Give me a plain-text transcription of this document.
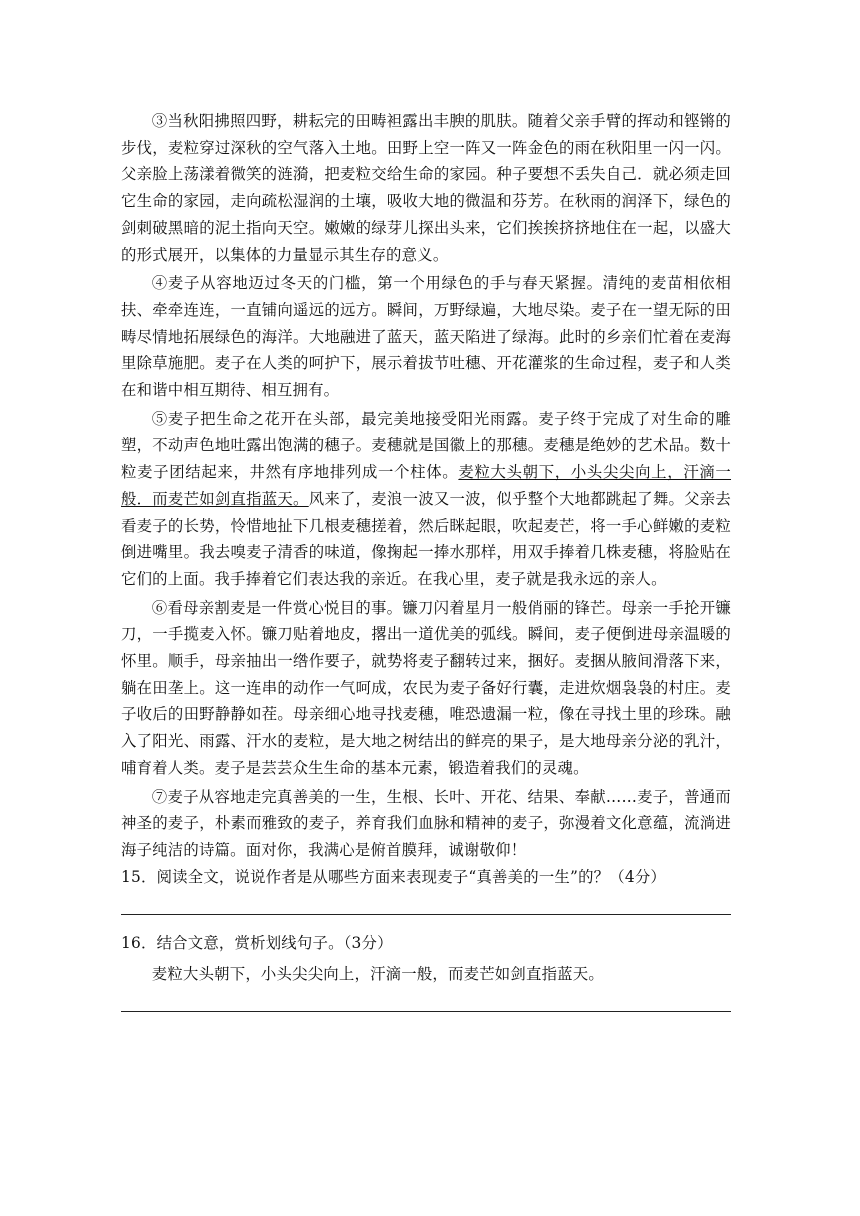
③当秋阳拂照四野，耕耘完的田畴袒露出丰腴的肌肤。随着父亲手臂的挥动和铿锵的步伐，麦粒穿过深秋的空气落入土地。田野上空一阵又一阵金色的雨在秋阳里一闪一闪。父亲脸上荡漾着微笑的涟漪，把麦粒交给生命的家园。种子要想不丢失自己．就必须走回它生命的家园，走向疏松湿润的土壤，吸收大地的微温和芬芳。在秋雨的润泽下，绿色的剑刺破黑暗的泥土指向天空。嫩嫩的绿芽儿探出头来，它们挨挨挤挤地住在一起，以盛大的形式展开，以集体的力量显示其生存的意义。

④麦子从容地迈过冬天的门槛，第一个用绿色的手与春天紧握。清纯的麦苗相依相扶、牵牵连连，一直铺向遥远的远方。瞬间，万野绿遍，大地尽染。麦子在一望无际的田畴尽情地拓展绿色的海洋。大地融进了蓝天，蓝天陷进了绿海。此时的乡亲们忙着在麦海里除草施肥。麦子在人类的呵护下，展示着拔节吐穗、开花灌浆的生命过程，麦子和人类在和谐中相互期待、相互拥有。

⑤麦子把生命之花开在头部，最完美地接受阳光雨露。麦子终于完成了对生命的雕塑，不动声色地吐露出饱满的穗子。麦穗就是国徽上的那穗。麦穗是绝妙的艺术品。数十粒麦子团结起来，井然有序地排列成一个柱体。麦粒大头朝下，小头尖尖向上，汗滴一般．而麦芒如剑直指蓝天。风来了，麦浪一波又一波，似乎整个大地都跳起了舞。父亲去看麦子的长势，怜惜地扯下几根麦穗搓着，然后眯起眼，吹起麦芒，将一手心鲜嫩的麦粒倒进嘴里。我去嗅麦子清香的味道，像掬起一捧水那样，用双手捧着几株麦穗，将脸贴在它们的上面。我手捧着它们表达我的亲近。在我心里，麦子就是我永远的亲人。

⑥看母亲割麦是一件赏心悦目的事。镰刀闪着星月一般俏丽的锋芒。母亲一手抡开镰刀，一手揽麦入怀。镰刀贴着地皮，撂出一道优美的弧线。瞬间，麦子便倒进母亲温暖的怀里。顺手，母亲抽出一绺作要子，就势将麦子翻转过来，捆好。麦捆从腋间滑落下来，躺在田垄上。这一连串的动作一气呵成，农民为麦子备好行囊，走进炊烟袅袅的村庄。麦子收后的田野静静如茬。母亲细心地寻找麦穗，唯恐遗漏一粒，像在寻找土里的珍珠。融入了阳光、雨露、汗水的麦粒，是大地之树结出的鲜亮的果子，是大地母亲分泌的乳汁，哺育着人类。麦子是芸芸众生生命的基本元素，锻造着我们的灵魂。

⑦麦子从容地走完真善美的一生，生根、长叶、开花、结果、奉献……麦子，普通而神圣的麦子，朴素而雅致的麦子，养育我们血脉和精神的麦子，弥漫着文化意蕴，流淌进海子纯洁的诗篇。面对你，我满心是俯首膜拜，诚谢敬仰！

15．阅读全文，说说作者是从哪些方面来表现麦子“真善美的一生”的？（4分）

16．结合文意，赏析划线句子。（3分）

麦粒大头朝下，小头尖尖向上，汗滴一般，而麦芒如剑直指蓝天。
